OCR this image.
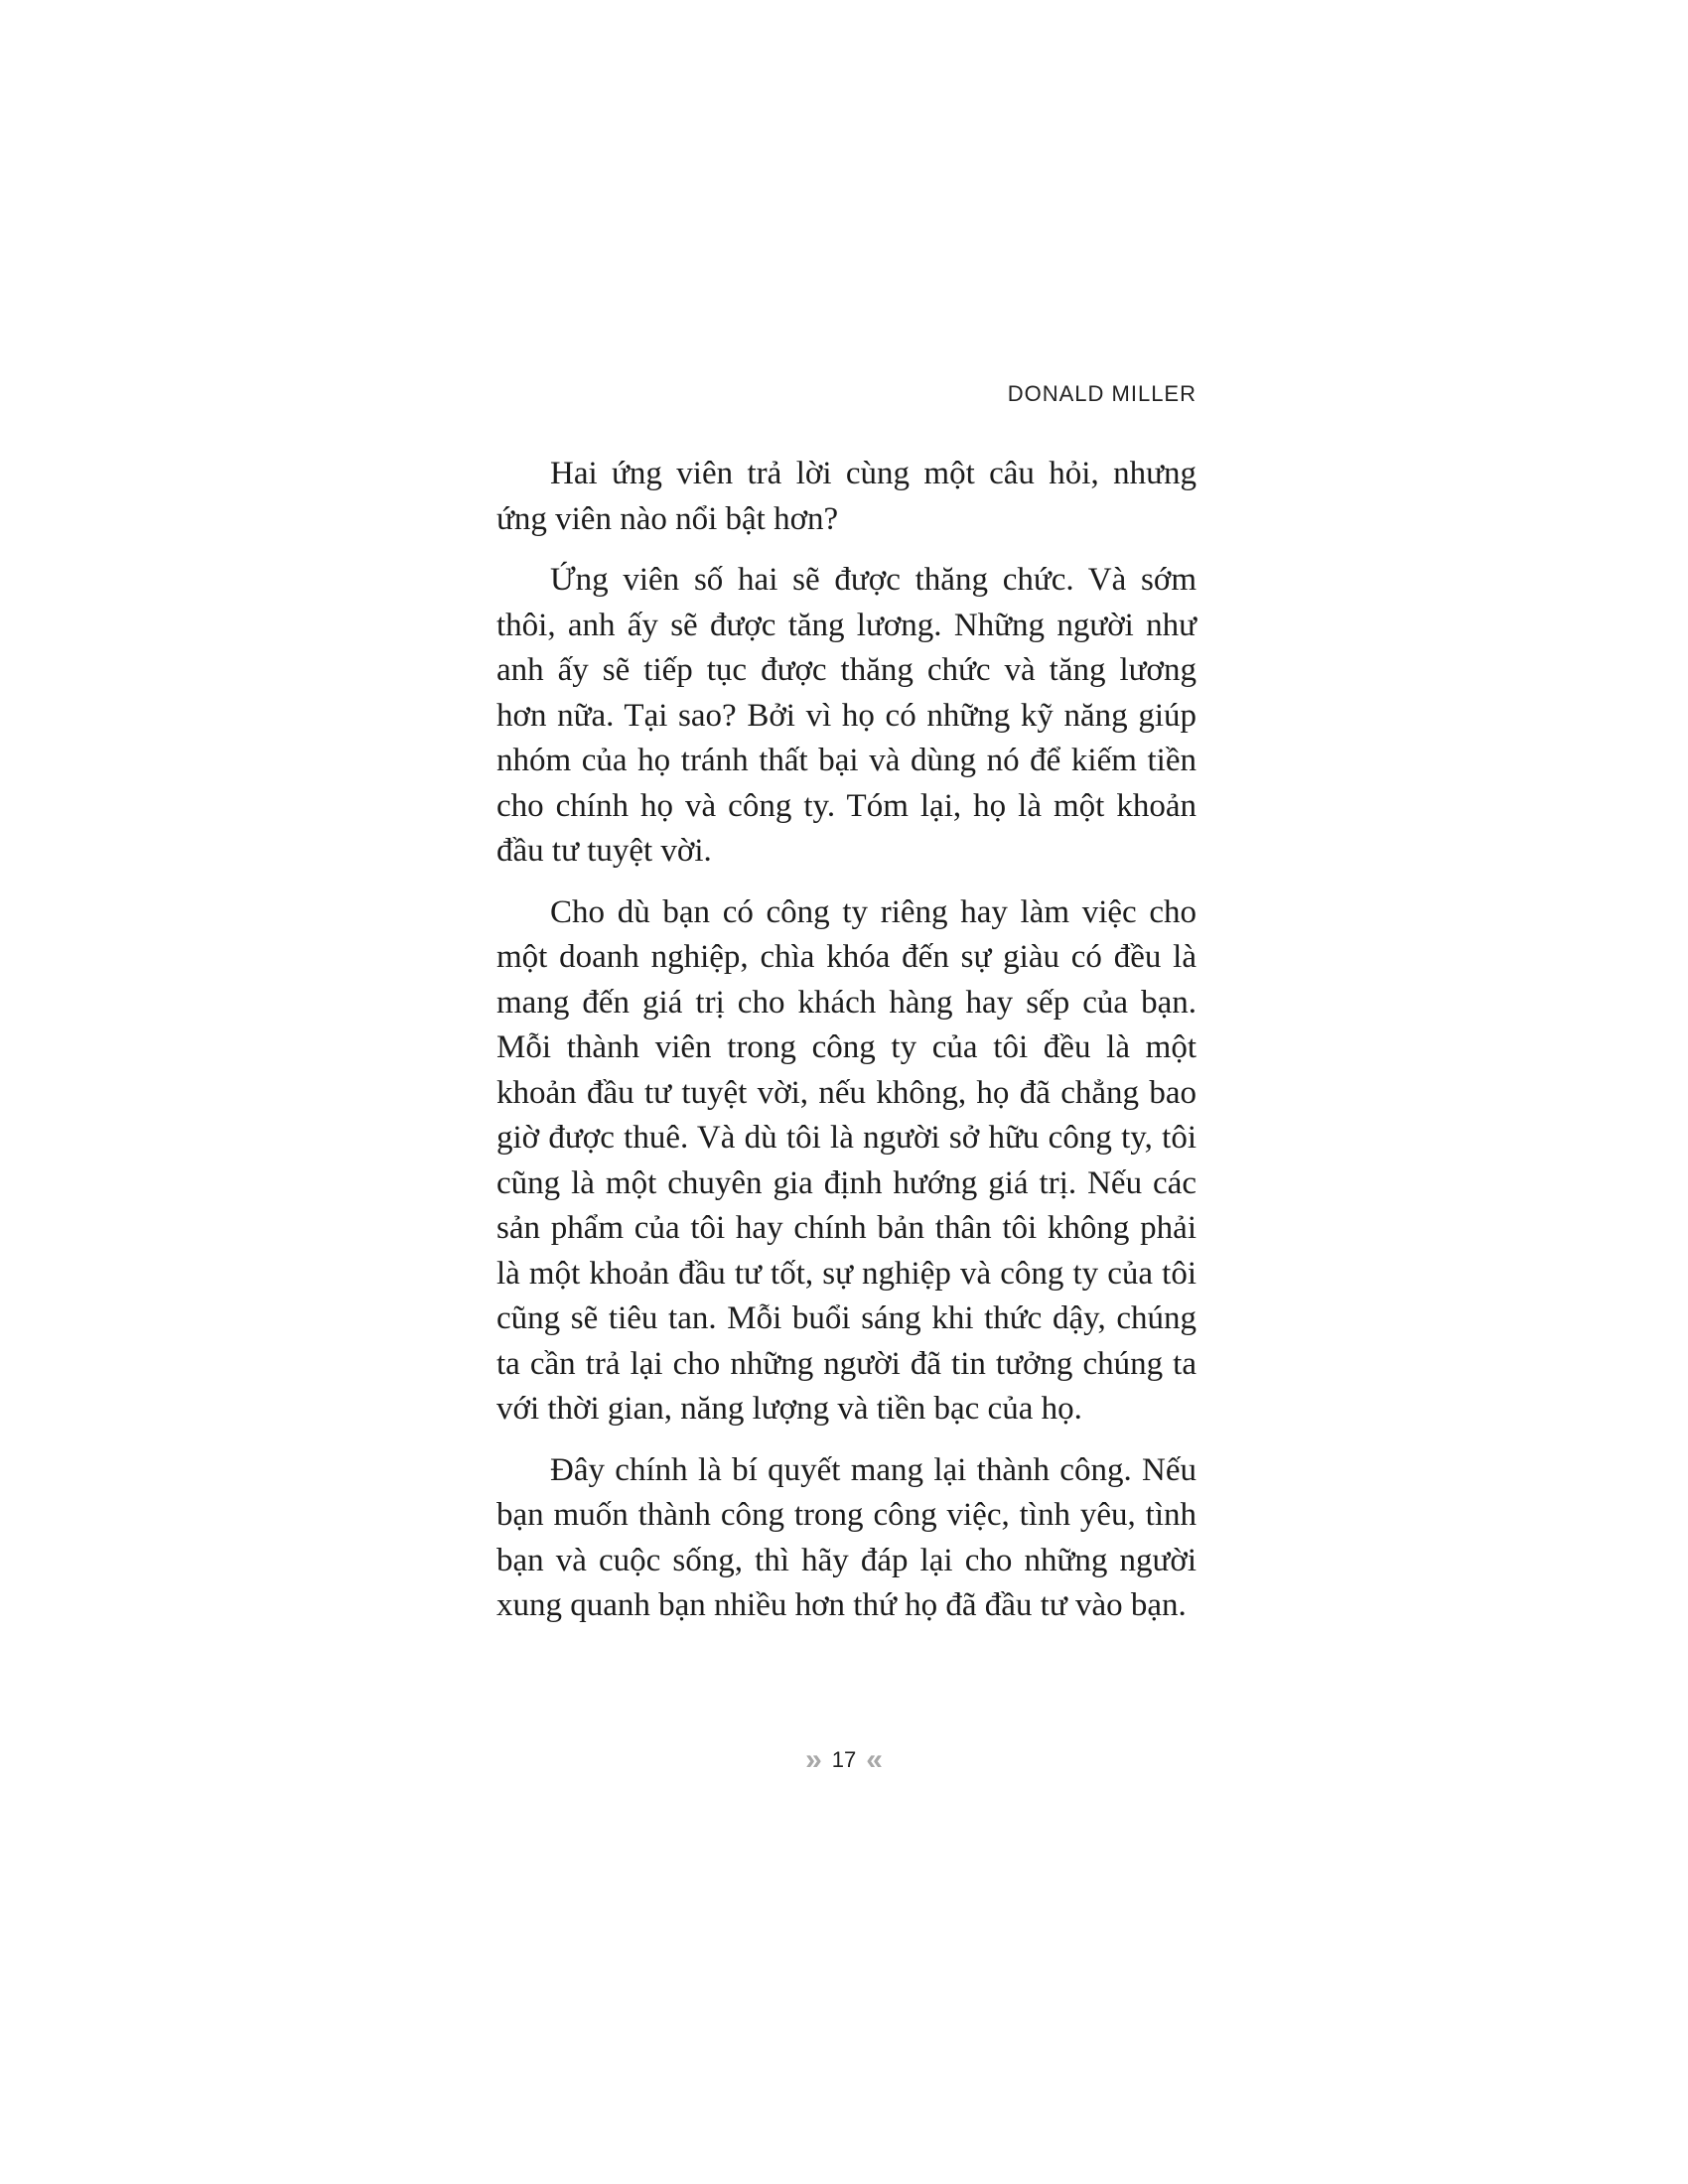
DONALD MILLER

Hai ứng viên trả lời cùng một câu hỏi, nhưng ứng viên nào nổi bật hơn?

Ứng viên số hai sẽ được thăng chức. Và sớm thôi, anh ấy sẽ được tăng lương. Những người như anh ấy sẽ tiếp tục được thăng chức và tăng lương hơn nữa. Tại sao? Bởi vì họ có những kỹ năng giúp nhóm của họ tránh thất bại và dùng nó để kiếm tiền cho chính họ và công ty. Tóm lại, họ là một khoản đầu tư tuyệt vời.

Cho dù bạn có công ty riêng hay làm việc cho một doanh nghiệp, chìa khóa đến sự giàu có đều là mang đến giá trị cho khách hàng hay sếp của bạn. Mỗi thành viên trong công ty của tôi đều là một khoản đầu tư tuyệt vời, nếu không, họ đã chẳng bao giờ được thuê. Và dù tôi là người sở hữu công ty, tôi cũng là một chuyên gia định hướng giá trị. Nếu các sản phẩm của tôi hay chính bản thân tôi không phải là một khoản đầu tư tốt, sự nghiệp và công ty của tôi cũng sẽ tiêu tan. Mỗi buổi sáng khi thức dậy, chúng ta cần trả lại cho những người đã tin tưởng chúng ta với thời gian, năng lượng và tiền bạc của họ.

Đây chính là bí quyết mang lại thành công. Nếu bạn muốn thành công trong công việc, tình yêu, tình bạn và cuộc sống, thì hãy đáp lại cho những người xung quanh bạn nhiều hơn thứ họ đã đầu tư vào bạn.

» 17 «
